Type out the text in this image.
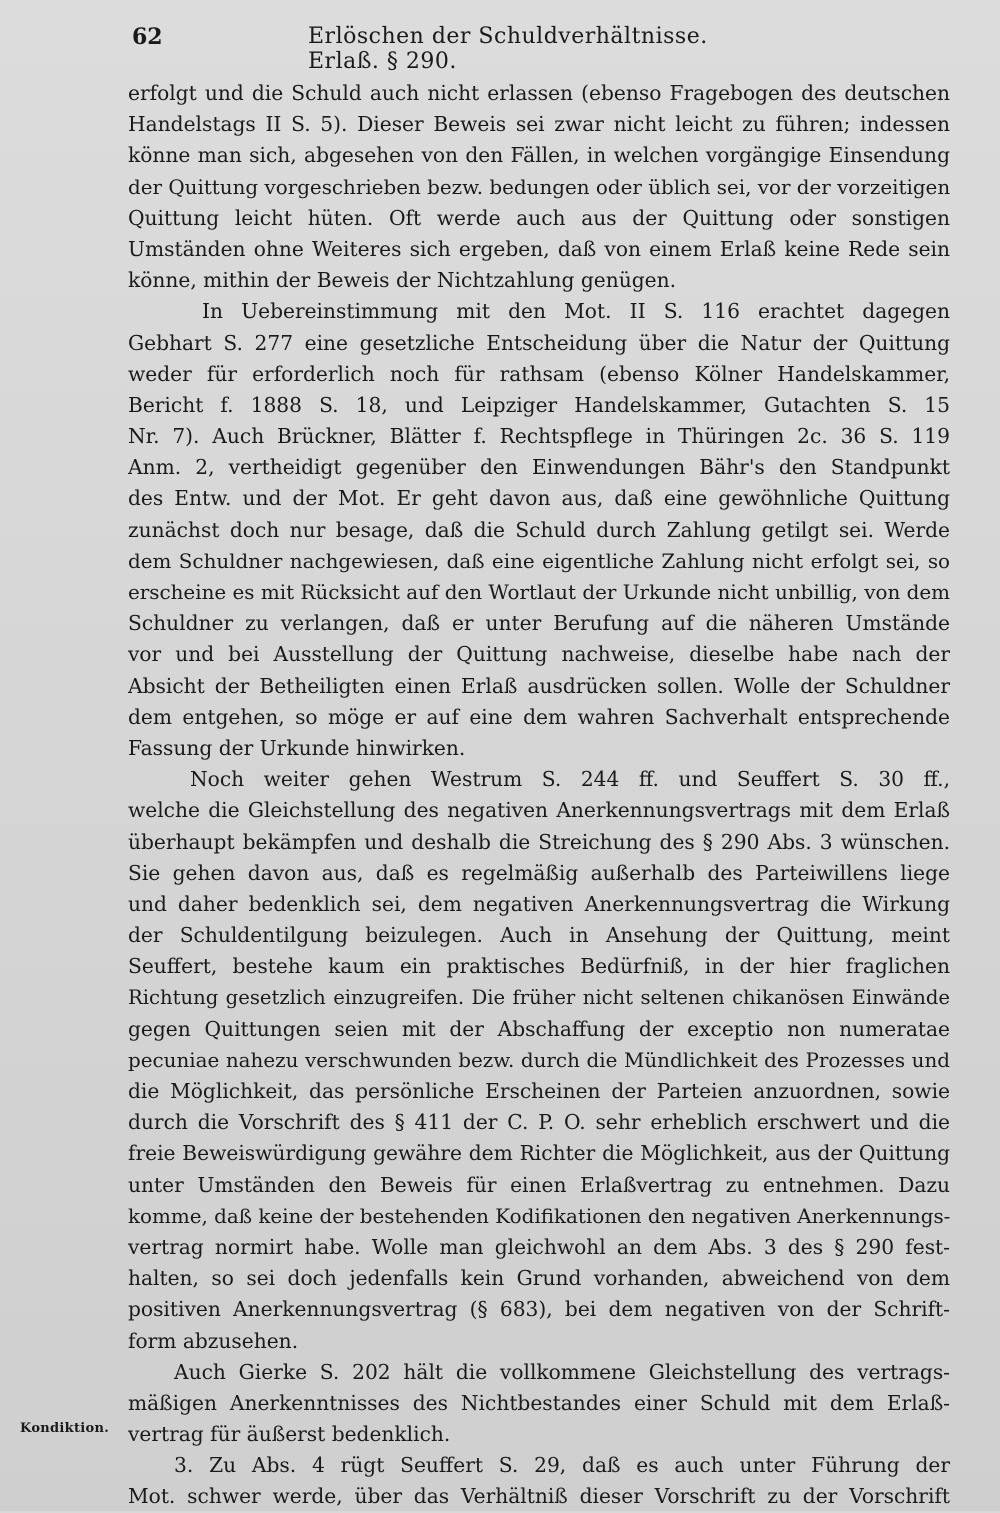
62	Erlöschen der Schuldverhältnisse. Erlaß. § 290.
erfolgt und die Schuld auch nicht erlassen (ebenso Fragebogen des deutschen
Handelstags II S. 5). Dieser Beweis sei zwar nicht leicht zu führen; indessen
könne man sich, abgesehen von den Fällen, in welchen vorgängige Einsendung
der Quittung vorgeschrieben bezw. bedungen oder üblich sei, vor der vorzeitigen
Quittung leicht hüten. Oft werde auch aus der Quittung oder sonstigen
Umständen ohne Weiteres sich ergeben, daß von einem Erlaß keine Rede sein
könne, mithin der Beweis der Nichtzahlung genügen.
In Uebereinstimmung mit den Mot. II S. 116 erachtet dagegen
Gebhart S. 277 eine gesetzliche Entscheidung über die Natur der Quittung
weder für erforderlich noch für rathsam (ebenso Kölner Handelskammer,
Bericht f. 1888 S. 18, und Leipziger Handelskammer, Gutachten S. 15
Nr. 7). Auch Brückner, Blätter f. Rechtspflege in Thüringen 2c. 36 S. 119
Anm. 2, vertheidigt gegenüber den Einwendungen Bähr's den Standpunkt
des Entw. und der Mot. Er geht davon aus, daß eine gewöhnliche Quittung
zunächst doch nur besage, daß die Schuld durch Zahlung getilgt sei. Werde
dem Schuldner nachgewiesen, daß eine eigentliche Zahlung nicht erfolgt sei, so
erscheine es mit Rücksicht auf den Wortlaut der Urkunde nicht unbillig, von dem
Schuldner zu verlangen, daß er unter Berufung auf die näheren Umstände
vor und bei Ausstellung der Quittung nachweise, dieselbe habe nach der
Absicht der Betheiligten einen Erlaß ausdrücken sollen. Wolle der Schuldner
dem entgehen, so möge er auf eine dem wahren Sachverhalt entsprechende
Fassung der Urkunde hinwirken.
Noch weiter gehen Westrum S. 244 ff. und Seuffert S. 30 ff.,
welche die Gleichstellung des negativen Anerkennungsvertrags mit dem Erlaß
überhaupt bekämpfen und deshalb die Streichung des § 290 Abs. 3 wünschen.
Sie gehen davon aus, daß es regelmäßig außerhalb des Parteiwillens liege
und daher bedenklich sei, dem negativen Anerkennungsvertrag die Wirkung
der Schuldentilgung beizulegen. Auch in Ansehung der Quittung, meint
Seuffert, bestehe kaum ein praktisches Bedürfniß, in der hier fraglichen
Richtung gesetzlich einzugreifen. Die früher nicht seltenen chikanösen Einwände
gegen Quittungen seien mit der Abschaffung der exceptio non numeratae
pecuniae nahezu verschwunden bezw. durch die Mündlichkeit des Prozesses und
die Möglichkeit, das persönliche Erscheinen der Parteien anzuordnen, sowie
durch die Vorschrift des § 411 der C. P. O. sehr erheblich erschwert und die
freie Beweiswürdigung gewähre dem Richter die Möglichkeit, aus der Quittung
unter Umständen den Beweis für einen Erlaßvertrag zu entnehmen. Dazu
komme, daß keine der bestehenden Kodifikationen den negativen Anerkennungs-
vertrag normirt habe. Wolle man gleichwohl an dem Abs. 3 des § 290 fest-
halten, so sei doch jedenfalls kein Grund vorhanden, abweichend von dem
positiven Anerkennungsvertrag (§ 683), bei dem negativen von der Schrift-
form abzusehen.
Auch Gierke S. 202 hält die vollkommene Gleichstellung des vertrags-
mäßigen Anerkenntnisses des Nichtbestandes einer Schuld mit dem Erlaß-
vertrag für äußerst bedenklich.
3. Zu Abs. 4 rügt Seuffert S. 29, daß es auch unter Führung der
Mot. schwer werde, über das Verhältniß dieser Vorschrift zu der Vorschrift
Kondiktion.
